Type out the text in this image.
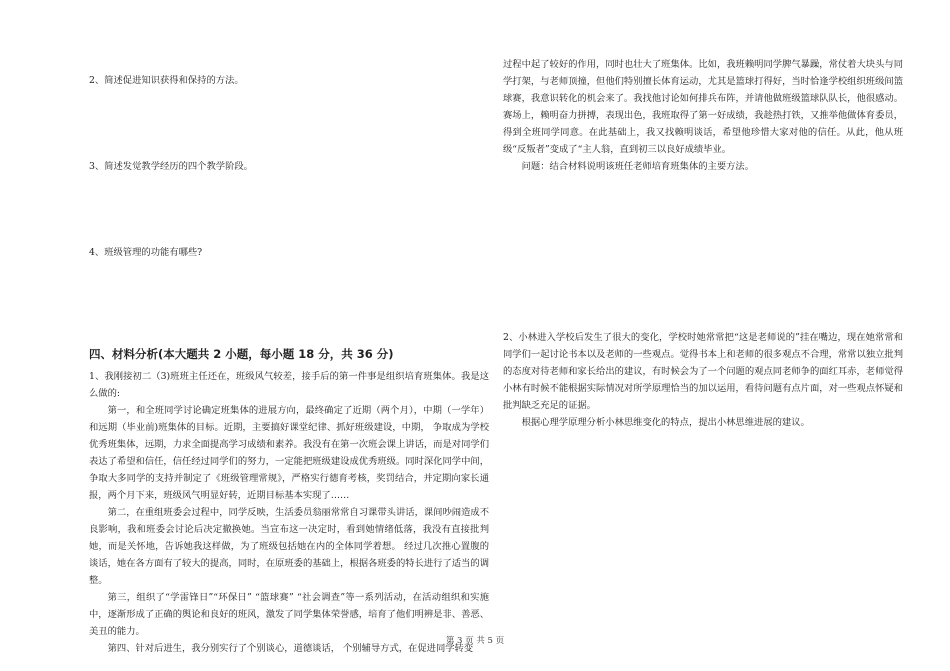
2、简述促进知识获得和保持的方法。

3、简述发觉教学经历的四个教学阶段。

4、班级管理的功能有哪些?

四、材料分析(本大题共 2 小题，每小题 18 分，共 36 分)

1、我刚接初二（3)班班主任还在，班级风气较差，接手后的第一件事是组织培育班集体。我是这么做的:

第一，和全班同学讨论确定班集体的进展方向，最终确定了近期（两个月），中期（一学年）和远期（毕业前)班集体的目标。近期，主要搞好课堂纪律、抓好班级建设，中期， 争取成为学校优秀班集体，远期，力求全面提高学习成绩和素养。我没有在第一次班会课上讲话，而是对同学们表达了希望和信任，信任经过同学们的努力，一定能把班级建设成优秀班级。同时深化同学中间，争取大多同学的支持并制定了《班级管理常规》，严格实行德育考核，奖罚结合，并定期向家长通报，两个月下来，班级风气明显好转，近期目标基本实现了……

第二，在重组班委会过程中，同学反映，生活委员翁丽常常自习课带头讲话，课间吵闹造成不良影响，我和班委会讨论后决定撤换她。当宣布这一决定时，看到她情绪低落，我没有直接批判她，而是关怀地，告诉她我这样做，为了班级包括她在内的全体同学着想。 经过几次推心置腹的谈话，她在各方面有了较大的提高，同时，在原班委的基础上，根据各班委的特长进行了适当的调整。

第三，组织了“学雷锋日”“环保日” “篮球赛” “社会调查”等一系列活动，在活动组织和实施中，逐渐形成了正确的舆论和良好的班风，激发了同学集体荣誉感，培育了他们明辨是非、善恶、美丑的能力。

第四、针对后进生，我分别实行了个别谈心，道德谈话， 个别辅导方式，在促进同学转变

过程中起了较好的作用，同时也壮大了班集体。比如，我班赖明同学脾气暴躁，常仗着大块头与同学打架，与老师顶撞，但他们特别擅长体育运动，尤其是篮球打得好，当时恰逢学校组织班级间篮球赛，我意识转化的机会来了。我找他讨论如何排兵布阵，并请他做班级篮球队队长，他很感动。赛场上，赖明奋力拼搏，表现出色，我班取得了第一好成绩，我趁热打铁，又推举他做体育委员，得到全班同学同意。在此基础上，我又找赖明谈话，希望他珍惜大家对他的信任。从此，他从班级“反叛者”变成了“主人翁，直到初三以良好成绩毕业。

问题：结合材料说明该班任老师培育班集体的主要方法。

2、小林进入学校后发生了很大的变化，学校时她常常把“这是老师说的”挂在嘴边，现在她常常和同学们一起讨论书本以及老师的一些观点。觉得书本上和老师的很多观点不合理，常常以独立批判的态度对待老师和家长给出的建议，有时候会为了一个问题的观点同老师争的面红耳赤，老师觉得小林有时候不能根据实际情况对所学原理恰当的加以运用，看待问题有点片面，对一些观点怀疑和批判缺乏充足的证据。

根据心理学原理分析小林思维变化的特点，提出小林思维进展的建议。

第 3 页 共 5 页
